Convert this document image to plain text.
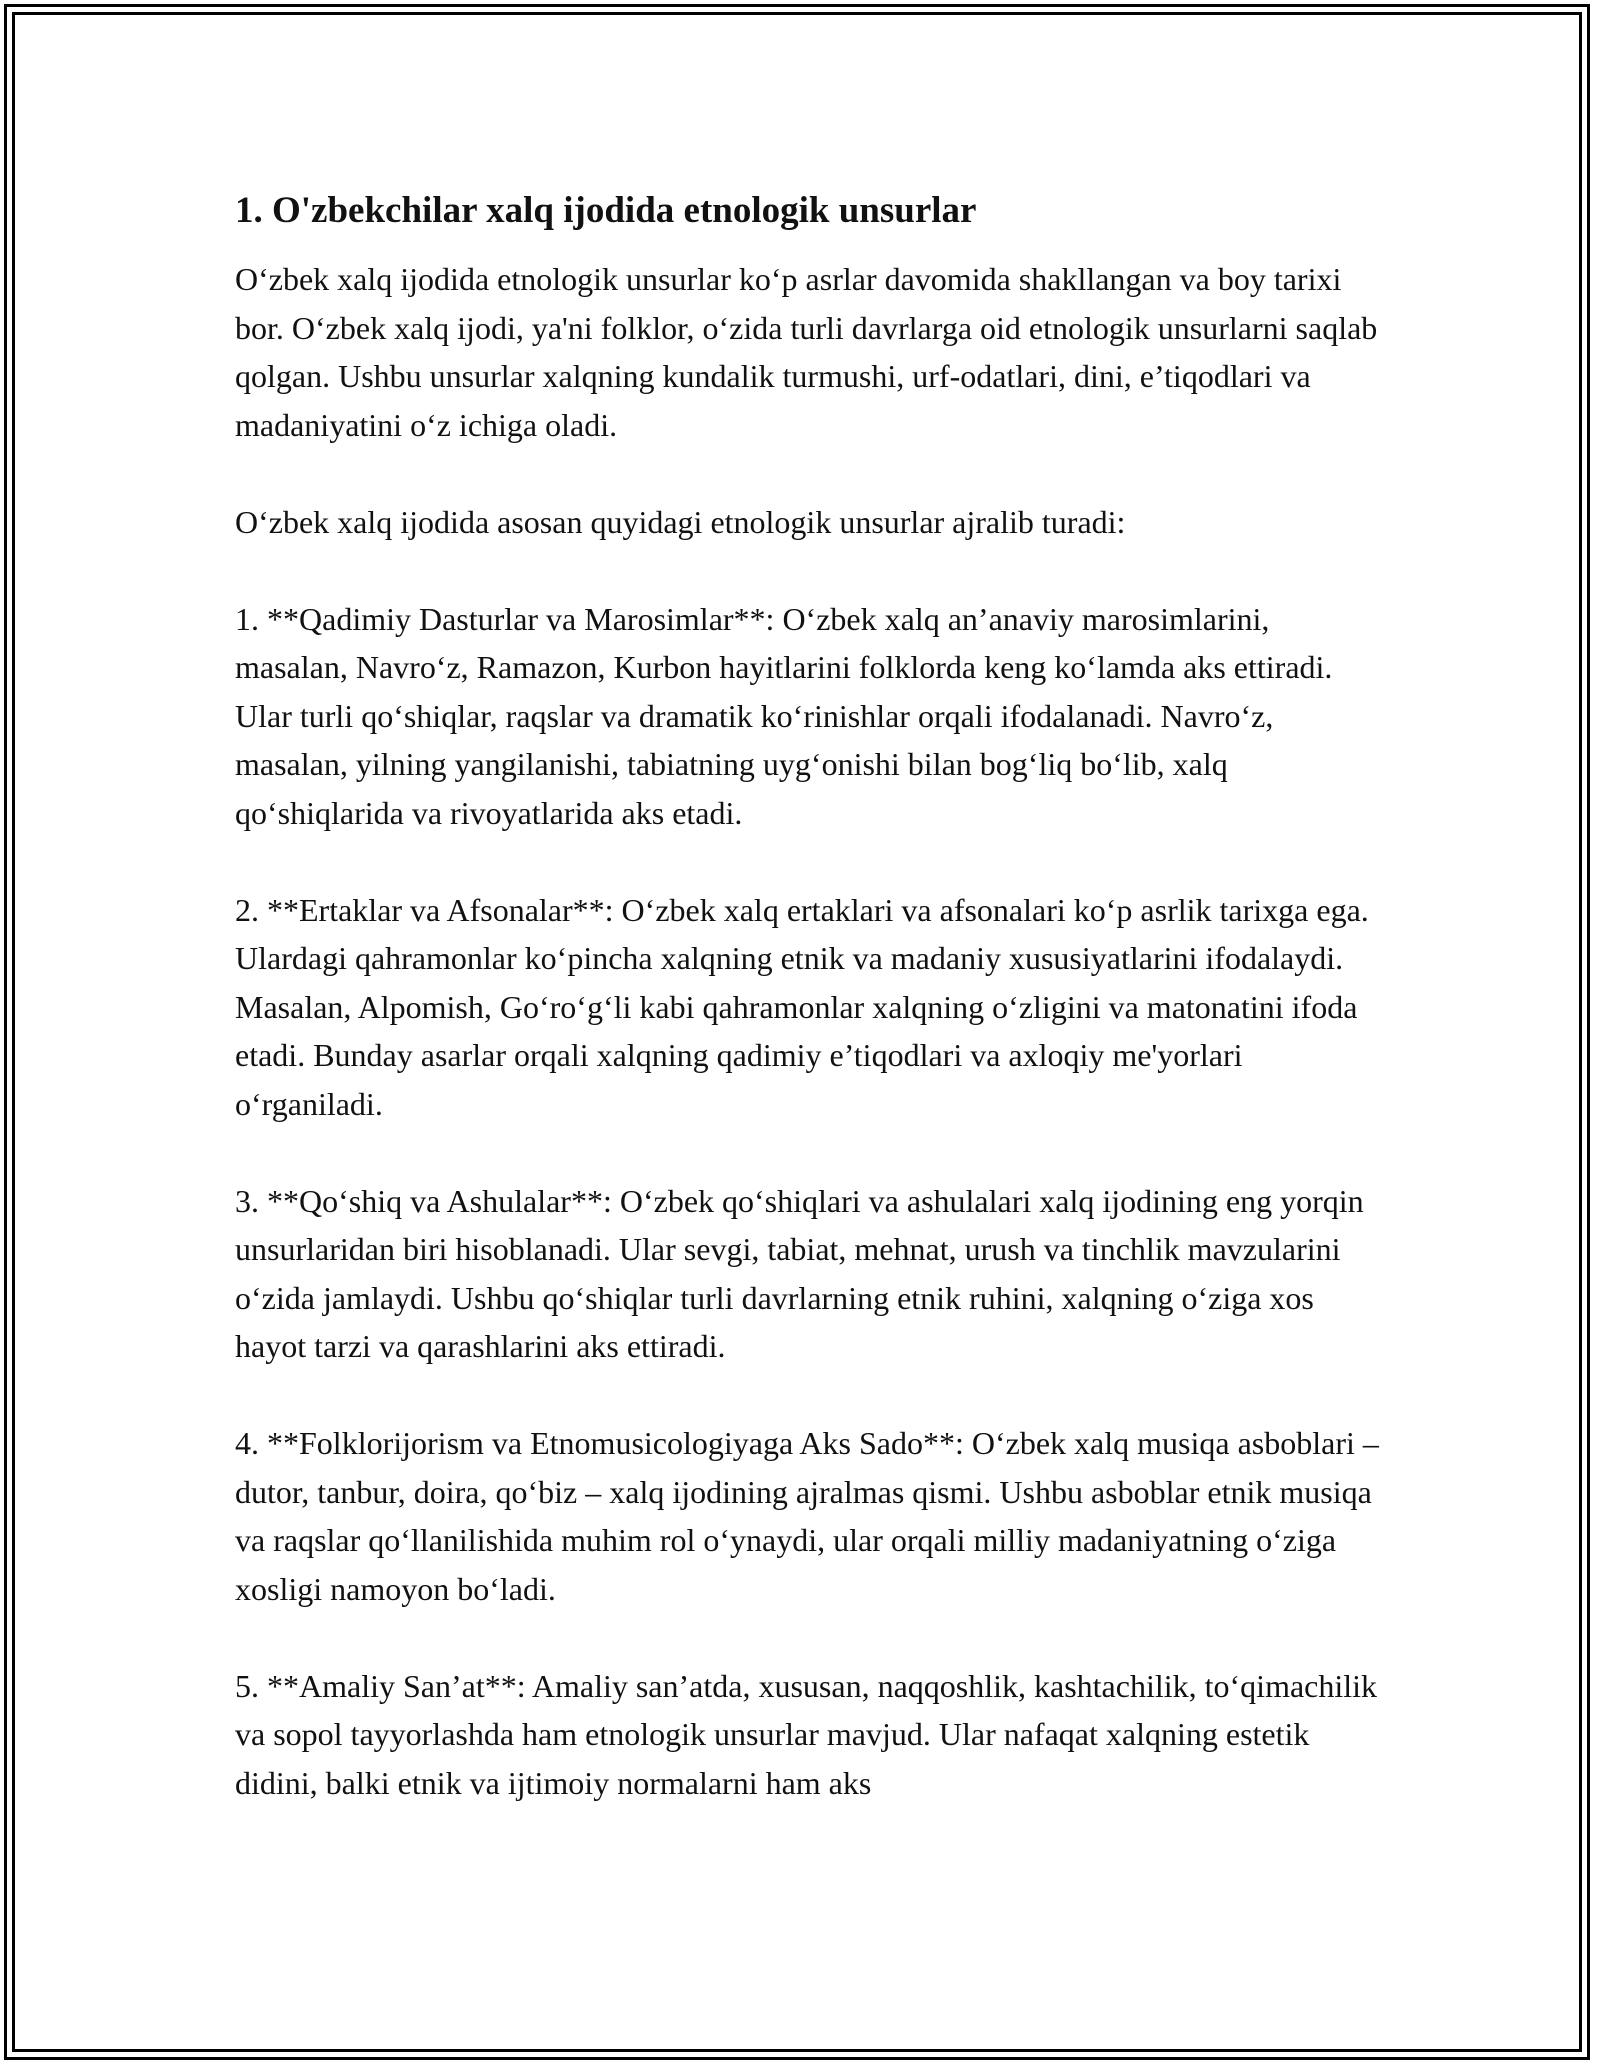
1. O'zbekchilar xalq ijodida etnologik unsurlar

O‘zbek xalq ijodida etnologik unsurlar ko‘p asrlar davomida shakllangan va boy tarixi bor. O‘zbek xalq ijodi, ya'ni folklor, o‘zida turli davrlarga oid etnologik unsurlarni saqlab qolgan. Ushbu unsurlar xalqning kundalik turmushi, urf-odatlari, dini, e’tiqodlari va madaniyatini o‘z ichiga oladi.

O‘zbek xalq ijodida asosan quyidagi etnologik unsurlar ajralib turadi:

1. **Qadimiy Dasturlar va Marosimlar**: O‘zbek xalq an’anaviy marosimlarini, masalan, Navro‘z, Ramazon, Kurbon hayitlarini folklorda keng ko‘lamda aks ettiradi. Ular turli qo‘shiqlar, raqslar va dramatik ko‘rinishlar orqali ifodalanadi. Navro‘z, masalan, yilning yangilanishi, tabiatning uyg‘onishi bilan bog‘liq bo‘lib, xalq qo‘shiqlarida va rivoyatlarida aks etadi.

2. **Ertaklar va Afsonalar**: O‘zbek xalq ertaklari va afsonalari ko‘p asrlik tarixga ega. Ulardagi qahramonlar ko‘pincha xalqning etnik va madaniy xususiyatlarini ifodalaydi. Masalan, Alpomish, Go‘ro‘g‘li kabi qahramonlar xalqning o‘zligini va matonatini ifoda etadi. Bunday asarlar orqali xalqning qadimiy e’tiqodlari va axloqiy me'yorlari o‘rganiladi.

3. **Qo‘shiq va Ashulalar**: O‘zbek qo‘shiqlari va ashulalari xalq ijodining eng yorqin unsurlaridan biri hisoblanadi. Ular sevgi, tabiat, mehnat, urush va tinchlik mavzularini o‘zida jamlaydi. Ushbu qo‘shiqlar turli davrlarning etnik ruhini, xalqning o‘ziga xos hayot tarzi va qarashlarini aks ettiradi.

4. **Folklorijorism va Etnomusicologiyaga Aks Sado**: O‘zbek xalq musiqa asboblari – dutor, tanbur, doira, qo‘biz – xalq ijodining ajralmas qismi. Ushbu asboblar etnik musiqa va raqslar qo‘llanilishida muhim rol o‘ynaydi, ular orqali milliy madaniyatning o‘ziga xosligi namoyon bo‘ladi.

5. **Amaliy San’at**: Amaliy san’atda, xususan, naqqoshlik, kashtachilik, to‘qimachilik va sopol tayyorlashda ham etnologik unsurlar mavjud. Ular nafaqat xalqning estetik didini, balki etnik va ijtimoiy normalarni ham aks
